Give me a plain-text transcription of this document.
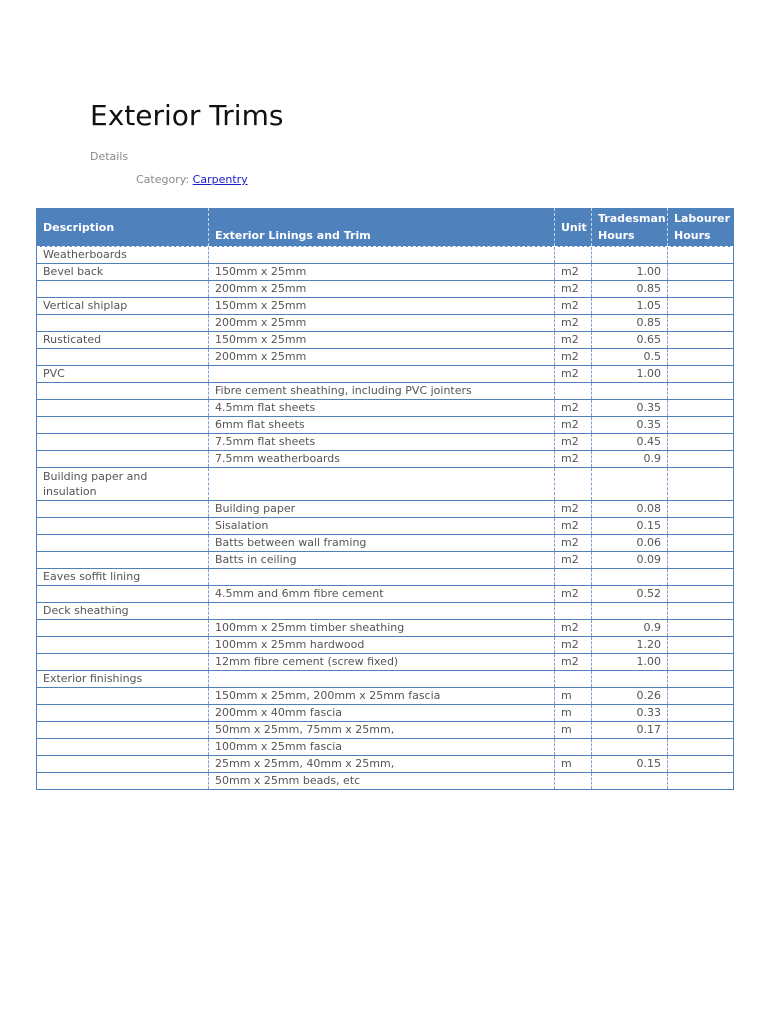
Exterior Trims
Details
Category: Carpentry
Description	Exterior Linings and Trim	Unit	Tradesman Hours	Labourer Hours
Weatherboards				
Bevel back	150mm x 25mm	m2	1.00	
	200mm x 25mm	m2	0.85	
Vertical shiplap	150mm x 25mm	m2	1.05	
	200mm x 25mm	m2	0.85	
Rusticated	150mm x 25mm	m2	0.65	
	200mm x 25mm	m2	0.5	
PVC		m2	1.00	
	Fibre cement sheathing, including PVC jointers			
	4.5mm flat sheets	m2	0.35	
	6mm flat sheets	m2	0.35	
	7.5mm flat sheets	m2	0.45	
	7.5mm weatherboards	m2	0.9	
Building paper and insulation				
	Building paper	m2	0.08	
	Sisalation	m2	0.15	
	Batts between wall framing	m2	0.06	
	Batts in ceiling	m2	0.09	
Eaves soffit lining				
	4.5mm and 6mm fibre cement	m2	0.52	
Deck sheathing				
	100mm x 25mm timber sheathing	m2	0.9	
	100mm x 25mm hardwood	m2	1.20	
	12mm fibre cement (screw fixed)	m2	1.00	
Exterior finishings				
	150mm x 25mm, 200mm x 25mm fascia	m	0.26	
	200mm x 40mm fascia	m	0.33	
	50mm x 25mm, 75mm x 25mm,	m	0.17	
	100mm x 25mm fascia			
	25mm x 25mm, 40mm x 25mm,	m	0.15	
	50mm x 25mm beads, etc			
